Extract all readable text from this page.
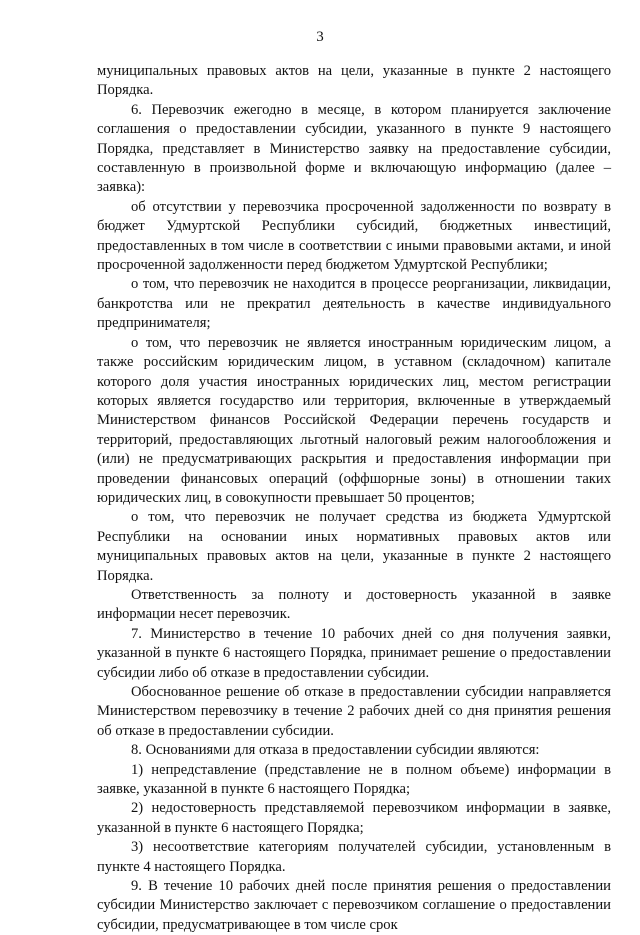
3

муниципальных правовых актов на цели, указанные в пункте 2 настоящего Порядка.

6. Перевозчик ежегодно в месяце, в котором планируется заключение соглашения о предоставлении субсидии, указанного в пункте 9 настоящего Порядка, представляет в Министерство заявку на предоставление субсидии, составленную в произвольной форме и включающую информацию (далее – заявка):

об отсутствии у перевозчика просроченной задолженности по возврату в бюджет Удмуртской Республики субсидий, бюджетных инвестиций, предоставленных в том числе в соответствии с иными правовыми актами, и иной просроченной задолженности перед бюджетом Удмуртской Республики;

о том, что перевозчик не находится в процессе реорганизации, ликвидации, банкротства или не прекратил деятельность в качестве индивидуального предпринимателя;

о том, что перевозчик не является иностранным юридическим лицом, а также российским юридическим лицом, в уставном (складочном) капитале которого доля участия иностранных юридических лиц, местом регистрации которых является государство или территория, включенные в утверждаемый Министерством финансов Российской Федерации перечень государств и территорий, предоставляющих льготный налоговый режим налогообложения и (или) не предусматривающих раскрытия и предоставления информации при проведении финансовых операций (оффшорные зоны) в отношении таких юридических лиц, в совокупности превышает 50 процентов;

о том, что перевозчик не получает средства из бюджета Удмуртской Республики на основании иных нормативных правовых актов или муниципальных правовых актов на цели, указанные в пункте 2 настоящего Порядка.

Ответственность за полноту и достоверность указанной в заявке информации несет перевозчик.

7. Министерство в течение 10 рабочих дней со дня получения заявки, указанной в пункте 6 настоящего Порядка, принимает решение о предоставлении субсидии либо об отказе в предоставлении субсидии.

Обоснованное решение об отказе в предоставлении субсидии направляется Министерством перевозчику в течение 2 рабочих дней со дня принятия решения об отказе в предоставлении субсидии.

8. Основаниями для отказа в предоставлении субсидии являются:

1) непредставление (представление не в полном объеме) информации в заявке, указанной в пункте 6 настоящего Порядка;

2) недостоверность представляемой перевозчиком информации в заявке, указанной в пункте 6 настоящего Порядка;

3) несоответствие категориям получателей субсидии, установленным в пункте 4 настоящего Порядка.

9. В течение 10 рабочих дней после принятия решения о предоставлении субсидии Министерство заключает с перевозчиком соглашение о предоставлении субсидии, предусматривающее в том числе срок
